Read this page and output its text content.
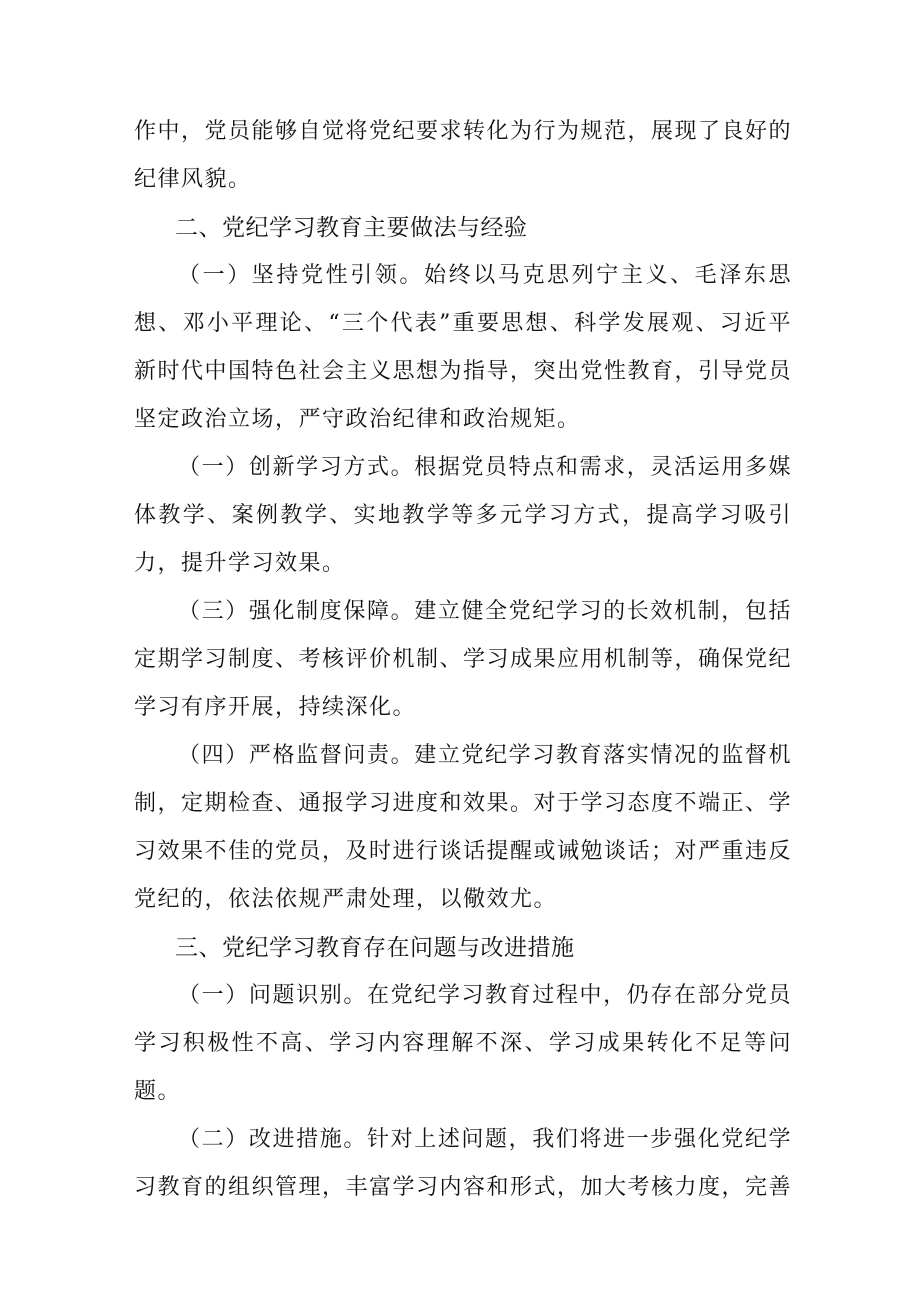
作中，党员能够自觉将党纪要求转化为行为规范，展现了良好的纪律风貌。

二、党纪学习教育主要做法与经验

（一）坚持党性引领。始终以马克思列宁主义、毛泽东思想、邓小平理论、“三个代表”重要思想、科学发展观、习近平新时代中国特色社会主义思想为指导，突出党性教育，引导党员坚定政治立场，严守政治纪律和政治规矩。

（一）创新学习方式。根据党员特点和需求，灵活运用多媒体教学、案例教学、实地教学等多元学习方式，提高学习吸引力，提升学习效果。

（三）强化制度保障。建立健全党纪学习的长效机制，包括定期学习制度、考核评价机制、学习成果应用机制等，确保党纪学习有序开展，持续深化。

（四）严格监督问责。建立党纪学习教育落实情况的监督机制，定期检查、通报学习进度和效果。对于学习态度不端正、学习效果不佳的党员，及时进行谈话提醒或诫勉谈话；对严重违反党纪的，依法依规严肃处理，以儆效尤。

三、党纪学习教育存在问题与改进措施

（一）问题识别。在党纪学习教育过程中，仍存在部分党员学习积极性不高、学习内容理解不深、学习成果转化不足等问题。

（二）改进措施。针对上述问题，我们将进一步强化党纪学习教育的组织管理，丰富学习内容和形式，加大考核力度，完善
